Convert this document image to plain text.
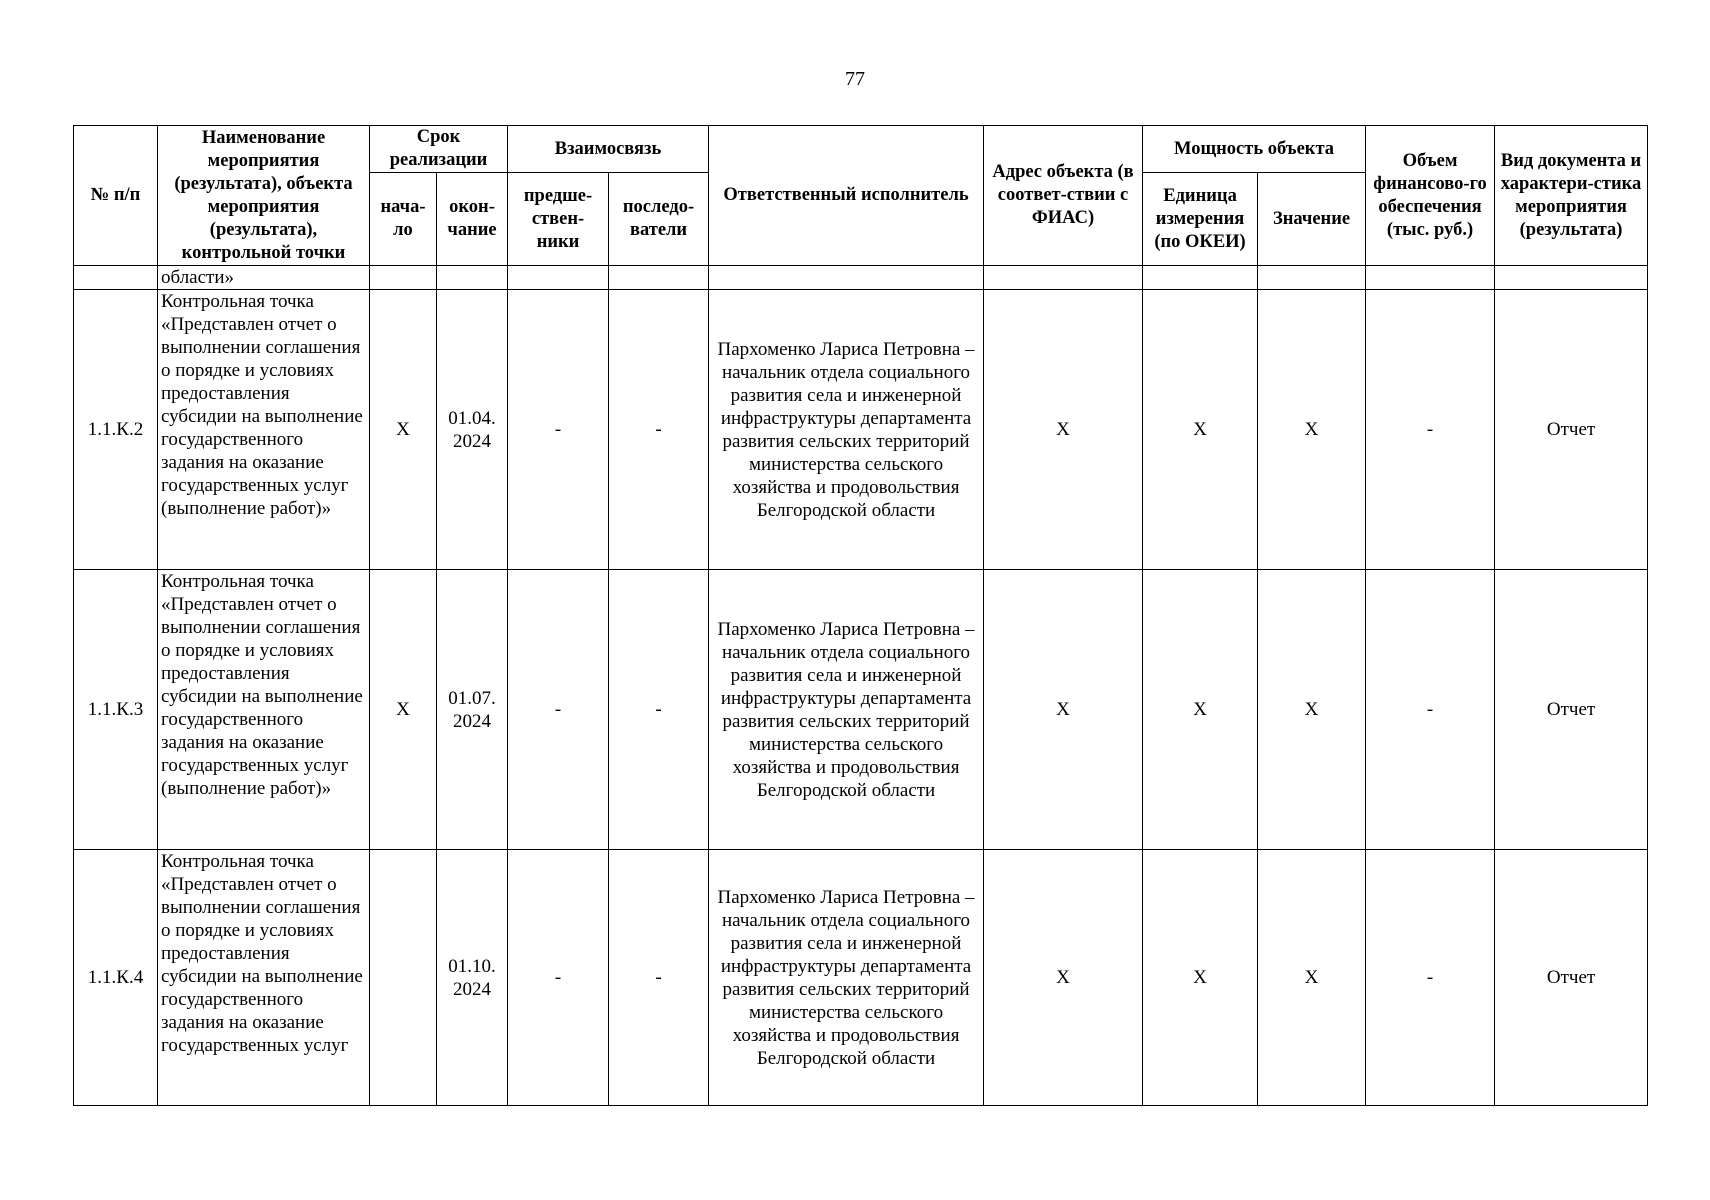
77
№ п/п	Наименование мероприятия (результата), объекта мероприятия (результата), контрольной точки	Срок реализации		Взаимосвязь		Ответственный исполнитель	Адрес объекта (в соответ-ствии с ФИАС)	Мощность объекта		Объем финансово-го обеспечения (тыс. руб.)	Вид документа и характери-стика мероприятия (результата)
		нача-ло	окон-чание	предше-ствен-ники	последо-ватели			Единица измерения (по ОКЕИ)	Значение		
	области»										
1.1.К.2	Контрольная точка «Представлен отчет о выполнении соглашения о порядке и условиях предоставления субсидии на выполнение государственного задания на оказание государственных услуг (выполнение работ)»	X	01.04. 2024	-	-	Пархоменко Лариса Петровна – начальник отдела социального развития села и инженерной инфраструктуры департамента развития сельских территорий министерства сельского хозяйства и продовольствия Белгородской области	X	X	X	-	Отчет
1.1.К.3	Контрольная точка «Представлен отчет о выполнении соглашения о порядке и условиях предоставления субсидии на выполнение государственного задания на оказание государственных услуг (выполнение работ)»	X	01.07. 2024	-	-	Пархоменко Лариса Петровна – начальник отдела социального развития села и инженерной инфраструктуры департамента развития сельских территорий министерства сельского хозяйства и продовольствия Белгородской области	X	X	X	-	Отчет
1.1.К.4	Контрольная точка «Представлен отчет о выполнении соглашения о порядке и условиях предоставления субсидии на выполнение государственного задания на оказание государственных услуг		01.10. 2024	-	-	Пархоменко Лариса Петровна – начальник отдела социального развития села и инженерной инфраструктуры департамента развития сельских территорий министерства сельского хозяйства и продовольствия Белгородской области	X	X	X	-	Отчет
